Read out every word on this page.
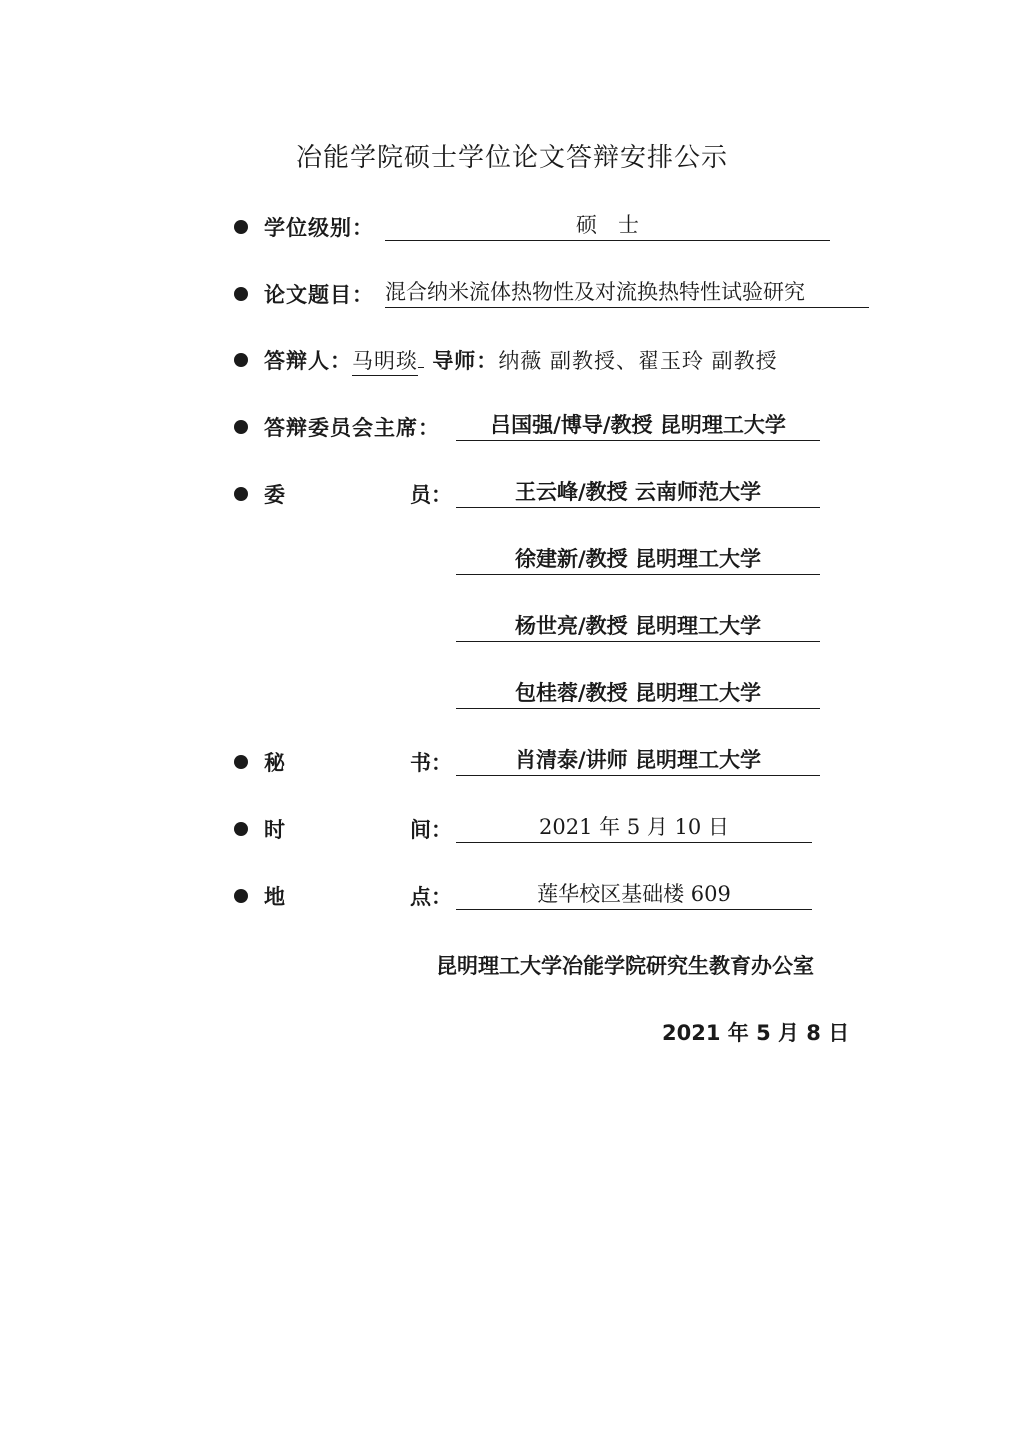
冶能学院硕士学位论文答辩安排公示
学位级别：	硕　士
论文题目： 混合纳米流体热物性及对流换热特性试验研究
答辩人：马明琰 导师：纳薇 副教授、翟玉玲 副教授
答辩委员会主席：	吕国强/博导/教授 昆明理工大学
委	员：	王云峰/教授 云南师范大学
徐建新/教授 昆明理工大学
杨世亮/教授 昆明理工大学
包桂蓉/教授 昆明理工大学
秘	书：	肖清泰/讲师 昆明理工大学
时	间：	2021 年 5 月 10 日
地	点：	莲华校区基础楼 609
昆明理工大学冶能学院研究生教育办公室
2021 年 5 月 8 日
